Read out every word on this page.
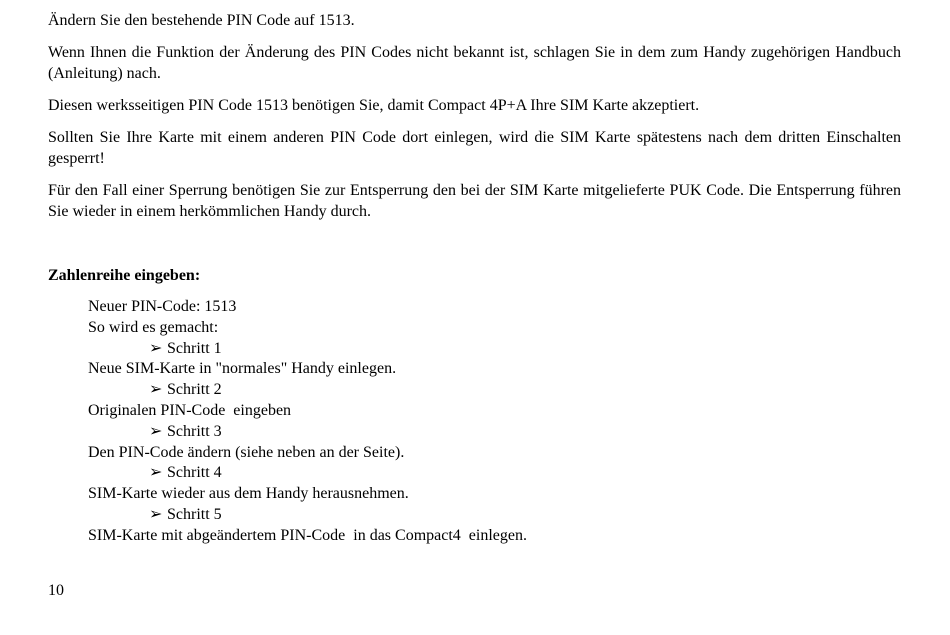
Ändern Sie den bestehende PIN Code auf 1513.

Wenn Ihnen die Funktion der Änderung des PIN Codes nicht bekannt ist, schlagen Sie in dem zum Handy zugehörigen Handbuch (Anleitung) nach.

Diesen werksseitigen PIN Code 1513 benötigen Sie, damit Compact 4P+A Ihre SIM Karte akzeptiert.

Sollten Sie Ihre Karte mit einem anderen PIN Code dort einlegen, wird die SIM Karte spätestens nach dem dritten Einschalten gesperrt!

Für den Fall einer Sperrung benötigen Sie zur Entsperrung den bei der SIM Karte mitgelieferte PUK Code. Die Entsperrung führen Sie wieder in einem herkömmlichen Handy durch.

Zahlenreihe eingeben:

Neuer PIN-Code: 1513

So wird es gemacht:

➢ Schritt 1

Neue SIM-Karte in "normales" Handy einlegen.

➢ Schritt 2

Originalen PIN-Code  eingeben

➢ Schritt 3

Den PIN-Code ändern (siehe neben an der Seite).

➢ Schritt 4

SIM-Karte wieder aus dem Handy herausnehmen.

➢ Schritt 5

SIM-Karte mit abgeändertem PIN-Code  in das Compact4  einlegen.

10
